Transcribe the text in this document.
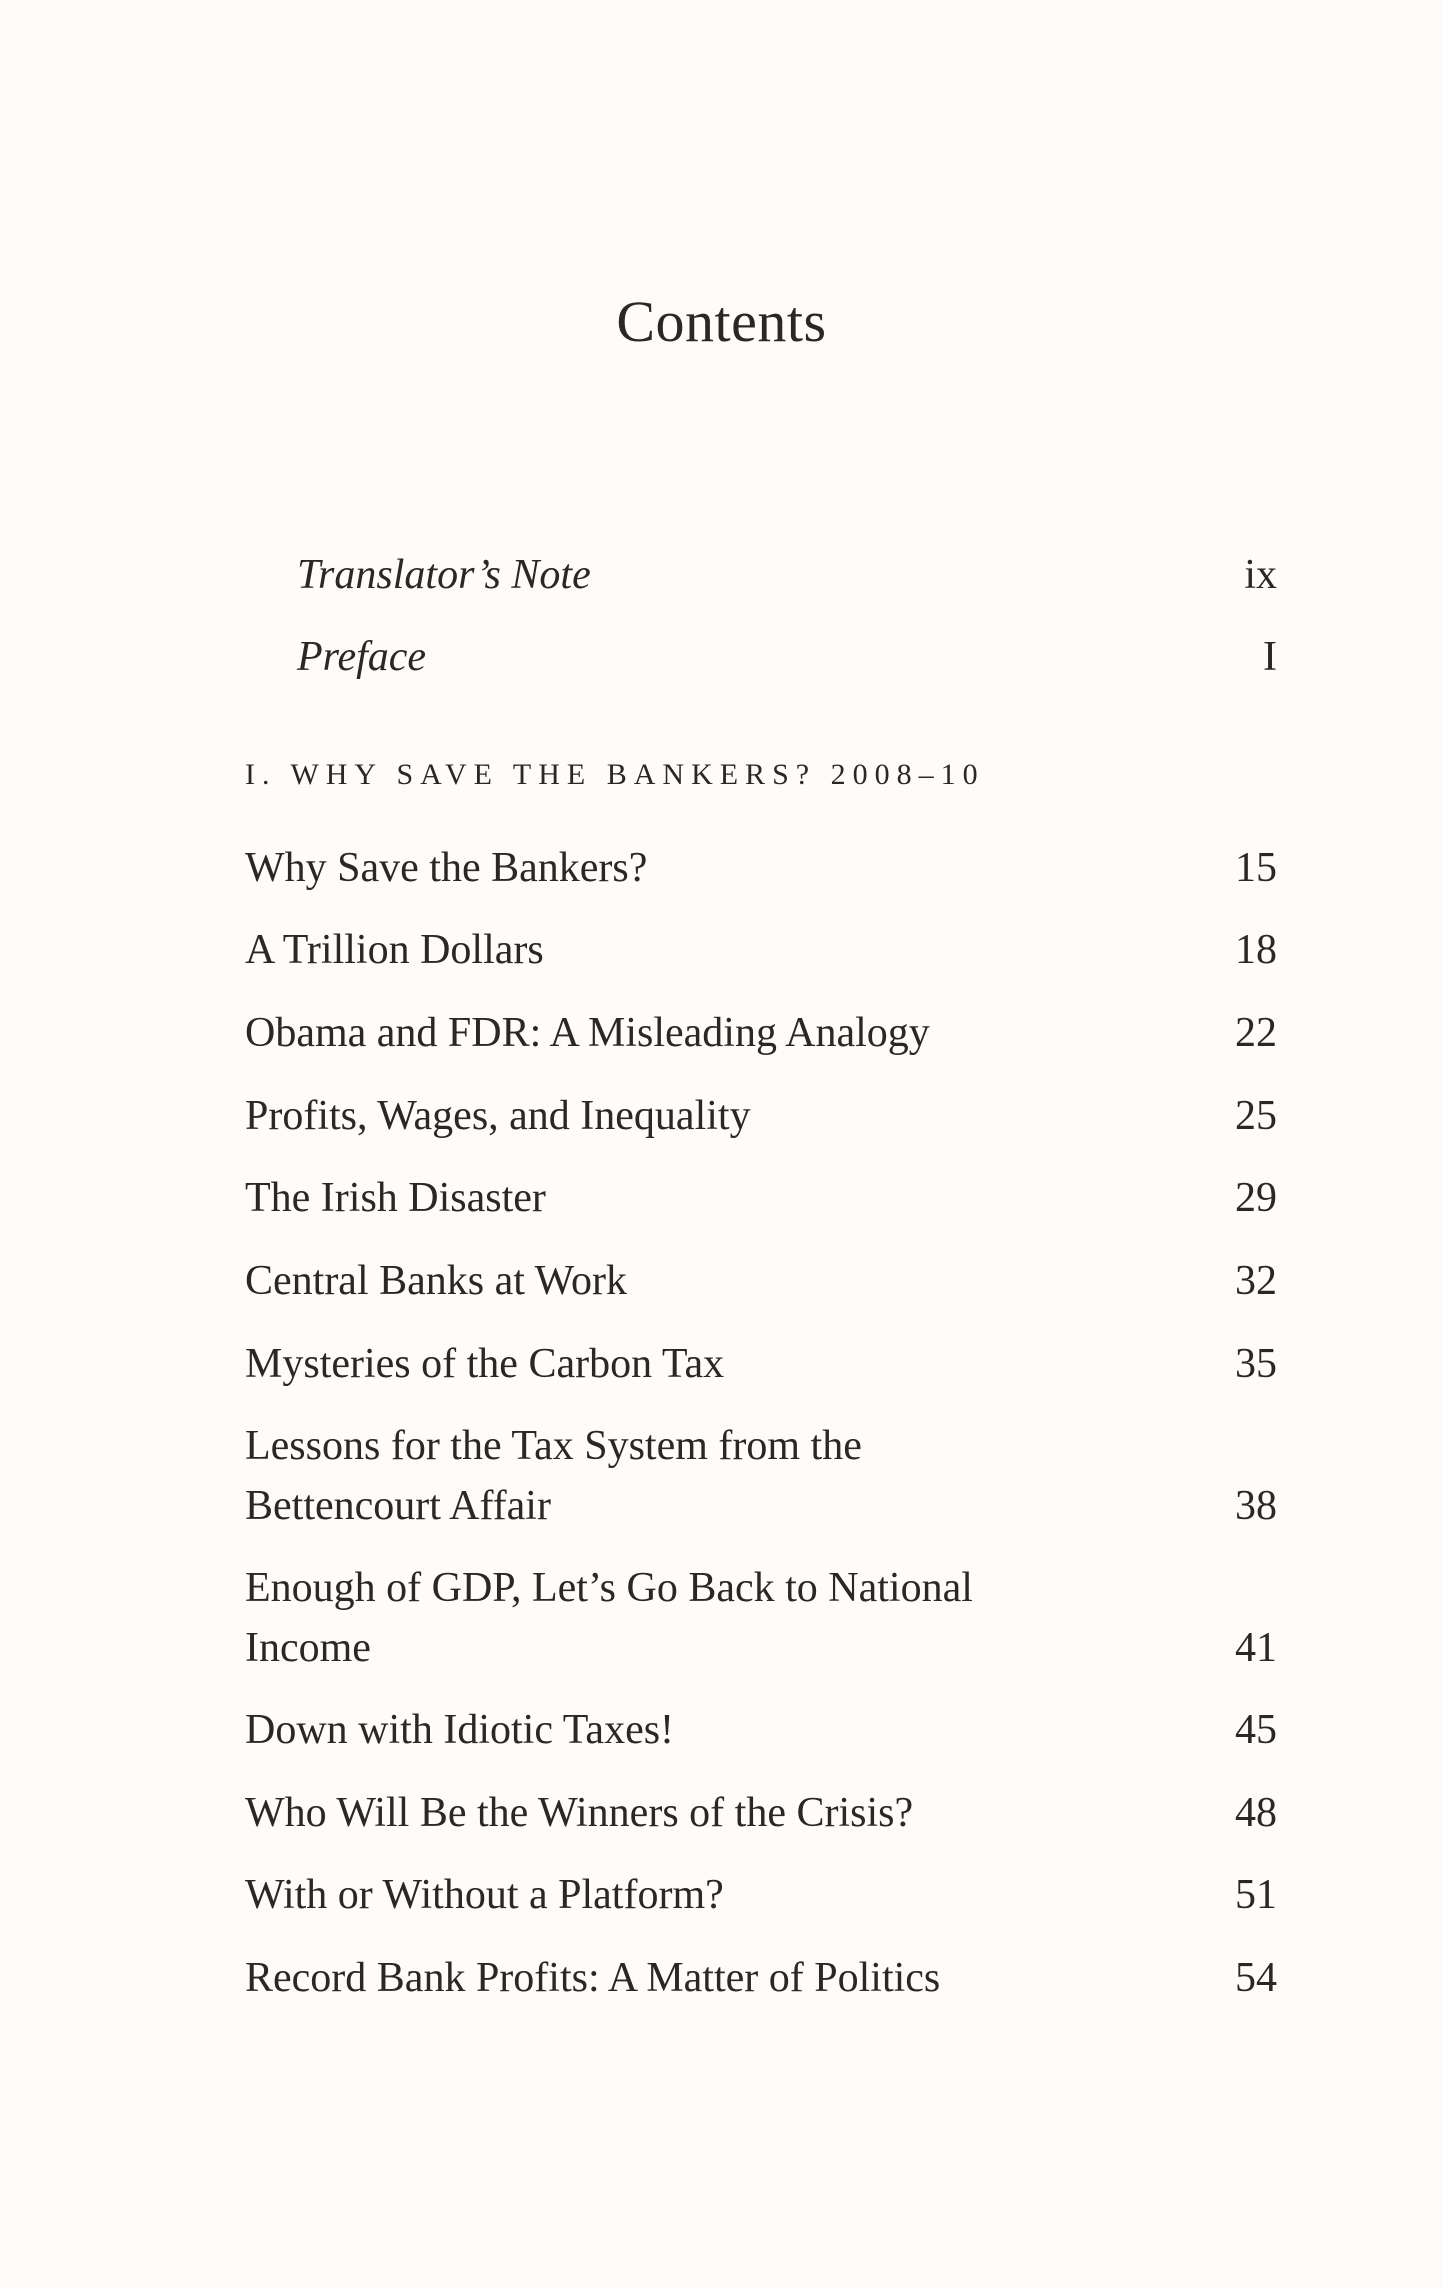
Contents
Translator’s Note	ix
Preface	I
I. WHY SAVE THE BANKERS? 2008–10
Why Save the Bankers?	15
A Trillion Dollars	18
Obama and FDR: A Misleading Analogy	22
Profits, Wages, and Inequality	25
The Irish Disaster	29
Central Banks at Work	32
Mysteries of the Carbon Tax	35
Lessons for the Tax System from the Bettencourt Affair	38
Enough of GDP, Let’s Go Back to National Income	41
Down with Idiotic Taxes!	45
Who Will Be the Winners of the Crisis?	48
With or Without a Platform?	51
Record Bank Profits: A Matter of Politics	54
